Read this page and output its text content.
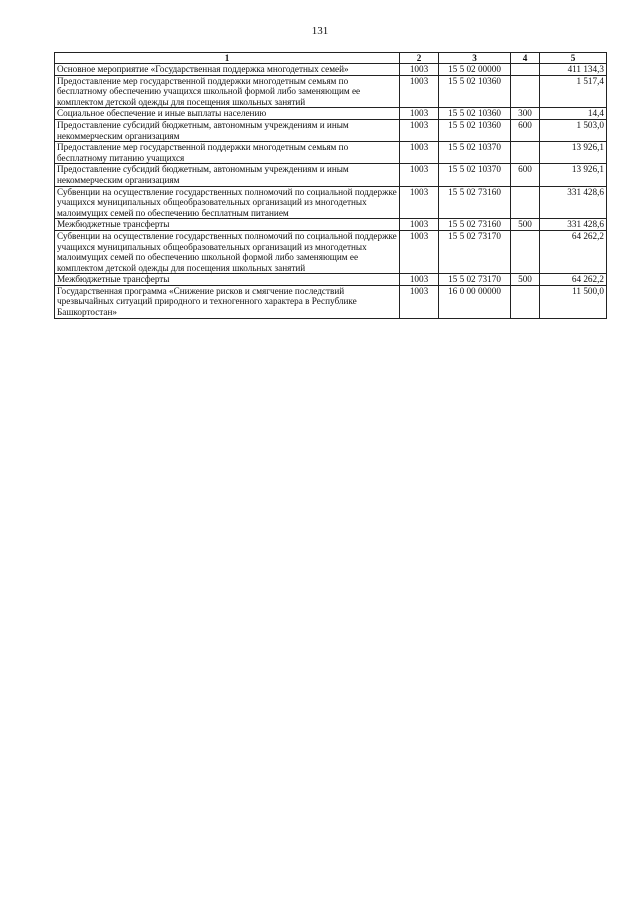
131
1	2	3	4	5
Основное мероприятие «Государственная поддержка многодетных семей»	1003	15 5 02 00000		411 134,3
Предоставление мер государственной поддержки многодетным семьям по бесплатному обеспечению учащихся школьной формой либо заменяющим ее комплектом детской одежды для посещения школьных занятий	1003	15 5 02 10360		1 517,4
Социальное обеспечение и иные выплаты населению	1003	15 5 02 10360	300	14,4
Предоставление субсидий бюджетным, автономным учреждениям и иным некоммерческим организациям	1003	15 5 02 10360	600	1 503,0
Предоставление мер государственной поддержки многодетным семьям по бесплатному питанию учащихся	1003	15 5 02 10370		13 926,1
Предоставление субсидий бюджетным, автономным учреждениям и иным некоммерческим организациям	1003	15 5 02 10370	600	13 926,1
Субвенции на осуществление государственных полномочий по социальной поддержке учащихся муниципальных общеобразовательных организаций из многодетных малоимущих семей по обеспечению бесплатным питанием	1003	15 5 02 73160		331 428,6
Межбюджетные трансферты	1003	15 5 02 73160	500	331 428,6
Субвенции на осуществление государственных полномочий по социальной поддержке учащихся муниципальных общеобразовательных организаций из многодетных малоимущих семей по обеспечению школьной формой либо заменяющим ее комплектом детской одежды для посещения школьных занятий	1003	15 5 02 73170		64 262,2
Межбюджетные трансферты	1003	15 5 02 73170	500	64 262,2
Государственная программа «Снижение рисков и смягчение последствий чрезвычайных ситуаций природного и техногенного характера в Республике Башкортостан»	1003	16 0 00 00000		11 500,0
